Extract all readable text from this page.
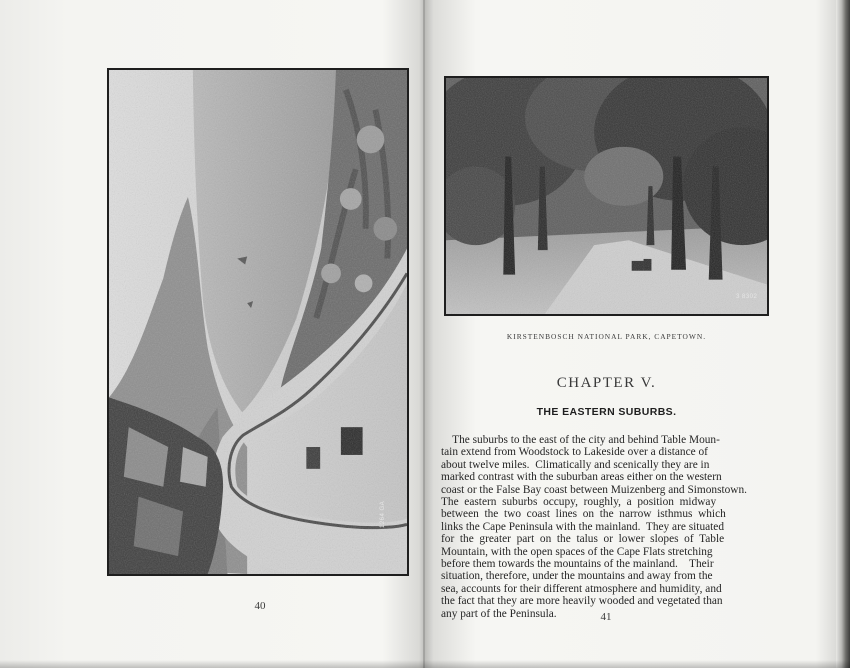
1264 GA
3 8302
KIRSTENBOSCH NATIONAL PARK, CAPETOWN.
CHAPTER V.
THE EASTERN SUBURBS.
The suburbs to the east of the city and behind Table Moun-
tain extend from Woodstock to Lakeside over a distance of
about twelve miles.  Climatically and scenically they are in
marked contrast with the suburban areas either on the western
coast or the False Bay coast between Muizenberg and Simonstown.
The  eastern  suburbs  occupy,  roughly,  a  position  midway
between  the  two  coast  lines  on  the  narrow  isthmus  which
links the Cape Peninsula with the mainland.  They are situated
for  the  greater  part  on  the  talus  or  lower  slopes  of  Table
Mountain, with the open spaces of the Cape Flats stretching
before them towards the mountains of the mainland.    Their
situation, therefore, under the mountains and away from the
sea, accounts for their different atmosphere and humidity, and
the fact that they are more heavily wooded and vegetated than
any part of the Peninsula.
40
41
